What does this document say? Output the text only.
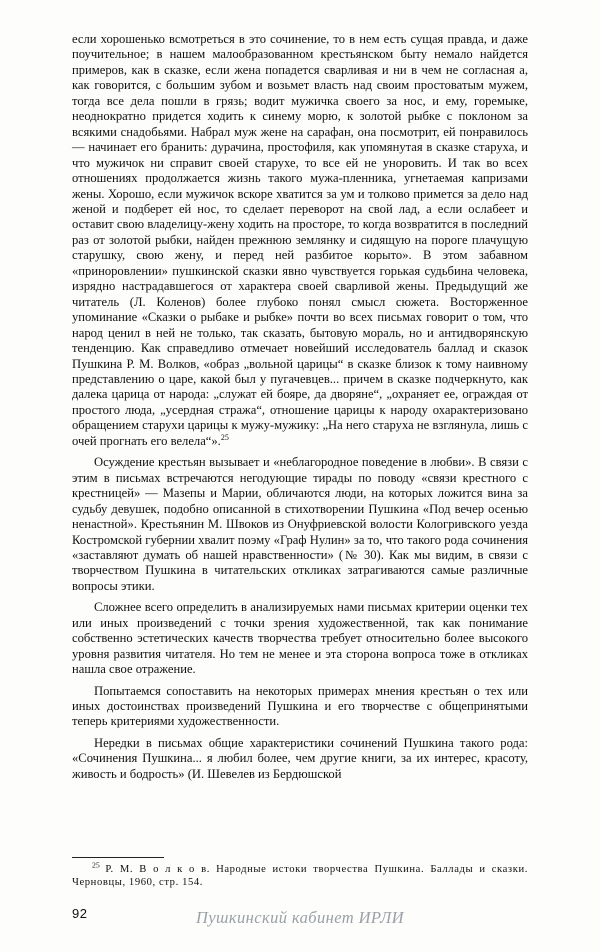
если хорошенько всмотреться в это сочинение, то в нем есть сущая правда, и даже поучительное; в нашем малообразованном крестьянском быту немало найдется примеров, как в сказке, если жена попадется сварливая и ни в чем не согласная а, как говорится, с большим зубом и возьмет власть над своим простоватым мужем, тогда все дела пошли в грязь; водит мужичка своего за нос, и ему, горемыке, неоднократно придется ходить к синему морю, к золотой рыбке с поклоном за всякими снадобьями. Набрал муж жене на сарафан, она посмотрит, ей понравилось — начинает его бранить: дурачина, простофиля, как упомянутая в сказке старуха, и что мужичок ни справит своей старухе, то все ей не уноровить. И так во всех отношениях продолжается жизнь такого мужа-пленника, угнетаемая капризами жены. Хорошо, если мужичок вскоре хватится за ум и толково примется за дело над женой и подберет ей нос, то сделает переворот на свой лад, а если ослабеет и оставит свою владелицу-жену ходить на просторе, то когда возвратится в последний раз от золотой рыбки, найден прежнюю землянку и сидящую на пороге плачущую старушку, свою жену, и перед ней разбитое корыто». В этом забавном «приноровлении» пушкинской сказки явно чувствуется горькая судьбина человека, изрядно настрадавшегося от характера своей сварливой жены. Предыдущий же читатель (Л. Коленов) более глубоко понял смысл сюжета. Восторженное упоминание «Сказки о рыбаке и рыбке» почти во всех письмах говорит о том, что народ ценил в ней не только, так сказать, бытовую мораль, но и антидворянскую тенденцию. Как справедливо отмечает новейший исследователь баллад и сказок Пушкина Р. М. Волков, «образ „вольной царицы“ в сказке близок к тому наивному представлению о царе, какой был у пугачевцев... причем в сказке подчеркнуто, как далека царица от народа: „служат ей бояре, да дворяне“, „охраняет ее, ограждая от простого люда, „усердная стража“, отношение царицы к народу охарактеризовано обращением старухи царицы к мужу-мужику: „На него старуха не взглянула, лишь с очей прогнать его велела“».$^{25}$

Осуждение крестьян вызывает и «неблагородное поведение в любви». В связи с этим в письмах встречаются негодующие тирады по поводу «связи крестного с крестницей» — Мазепы и Марии, обличаются люди, на которых ложится вина за судьбу девушек, подобно описанной в стихотворении Пушкина «Под вечер осенью ненастной». Крестьянин М. Швоков из Онуфриевской волости Кологривского уезда Костромской губернии хвалит поэму «Граф Нулин» за то, что такого рода сочинения «заставляют думать об нашей нравственности» (№ 30). Как мы видим, в связи с творчеством Пушкина в читательских откликах затрагиваются самые различные вопросы этики.

Сложнее всего определить в анализируемых нами письмах критерии оценки тех или иных произведений с точки зрения художественной, так как понимание собственно эстетических качеств творчества требует относительно более высокого уровня развития читателя. Но тем не менее и эта сторона вопроса тоже в откликах нашла свое отражение.

Попытаемся сопоставить на некоторых примерах мнения крестьян о тех или иных достоинствах произведений Пушкина и его творчестве с общепринятыми теперь критериями художественности.

Нередки в письмах общие характеристики сочинений Пушкина такого рода: «Сочинения Пушкина... я любил более, чем другие книги, за их интерес, красоту, живость и бодрость» (И. Шевелев из Бердюшской

$^{25}$ Р. М. В о л к о в. Народные истоки творчества Пушкина. Баллады и сказки. Черновцы, 1960, стр. 154.

92	Пушкинский кабинет ИРЛИ
